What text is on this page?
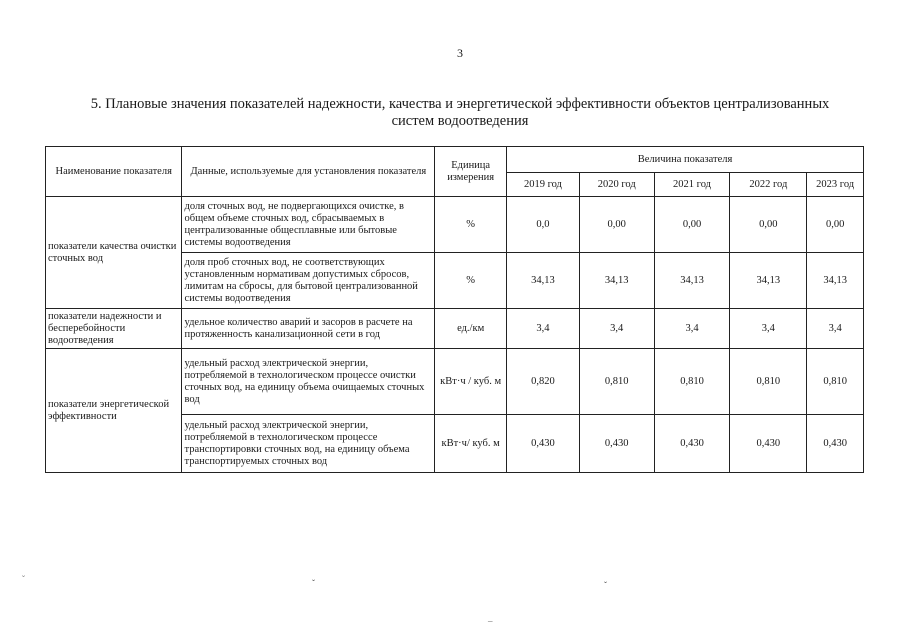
3
5. Плановые значения показателей надежности, качества и энергетической эффективности объектов централизованных
систем водоотведения
Наименование показателя	Данные, используемые для установления показателя	Единица измерения	Величина показателя				
			2019 год	2020 год	2021 год	2022 год	2023 год
показатели качества очистки сточных вод	доля сточных вод, не подвергающихся очистке, в общем объеме сточных вод, сбрасываемых в централизованные общесплавные или бытовые системы водоотведения	%	0,0	0,00	0,00	0,00	0,00
	доля проб сточных вод, не соответствующих установленным нормативам допустимых сбросов, лимитам на сбросы, для бытовой централизованной системы водоотведения	%	34,13	34,13	34,13	34,13	34,13
показатели надежности и бесперебойности водоотведения	удельное количество аварий и засоров в расчете на протяженность канализационной сети в год	ед./км	3,4	3,4	3,4	3,4	3,4
показатели энергетической эффективности	удельный расход электрической энергии, потребляемой в технологическом процессе очистки сточных вод, на единицу объема очищаемых сточных вод	кВт·ч / куб. м	0,820	0,810	0,810	0,810	0,810
	удельный расход электрической энергии, потребляемой в технологическом процессе транспортировки сточных вод, на единицу объема транспортируемых сточных вод	кВт·ч/ куб. м	0,430	0,430	0,430	0,430	0,430
˘	ˇ	ˇ
¯
